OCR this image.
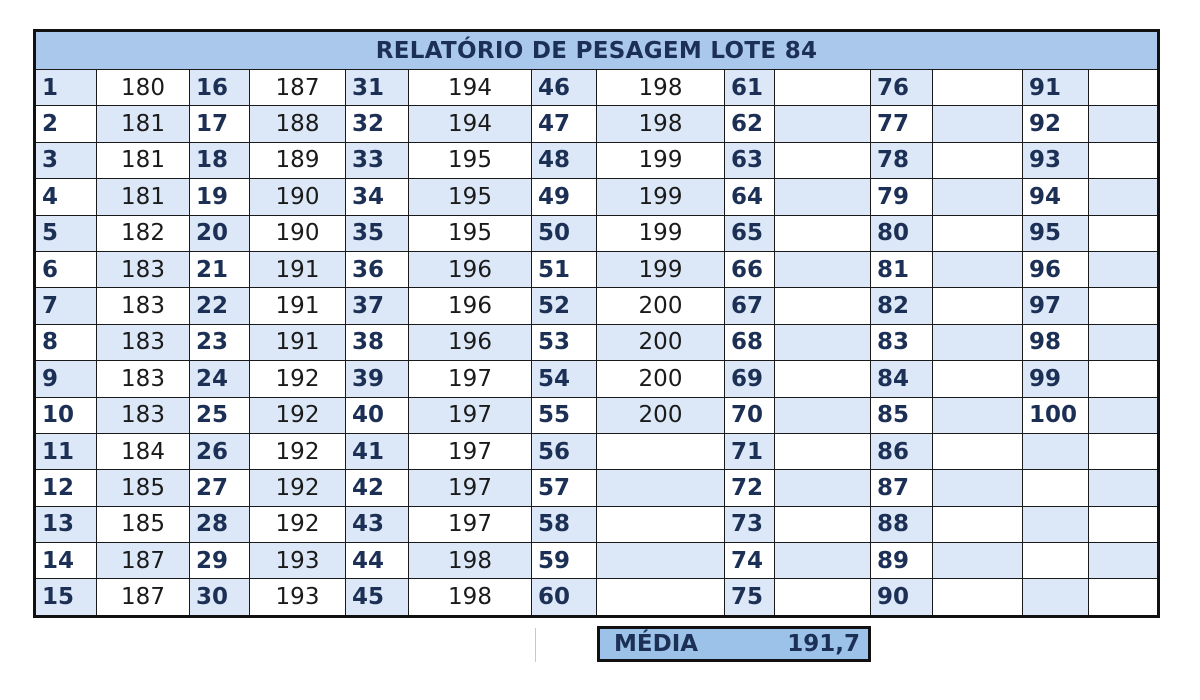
RELATÓRIO DE PESAGEM LOTE 84													
1	180	16	187	31	194	46	198	61		76		91	
2	181	17	188	32	194	47	198	62		77		92	
3	181	18	189	33	195	48	199	63		78		93	
4	181	19	190	34	195	49	199	64		79		94	
5	182	20	190	35	195	50	199	65		80		95	
6	183	21	191	36	196	51	199	66		81		96	
7	183	22	191	37	196	52	200	67		82		97	
8	183	23	191	38	196	53	200	68		83		98	
9	183	24	192	39	197	54	200	69		84		99	
10	183	25	192	40	197	55	200	70		85		100	
11	184	26	192	41	197	56		71		86			
12	185	27	192	42	197	57		72		87			
13	185	28	192	43	197	58		73		88			
14	187	29	193	44	198	59		74		89			
15	187	30	193	45	198	60		75		90			
MÉDIA	191,7
